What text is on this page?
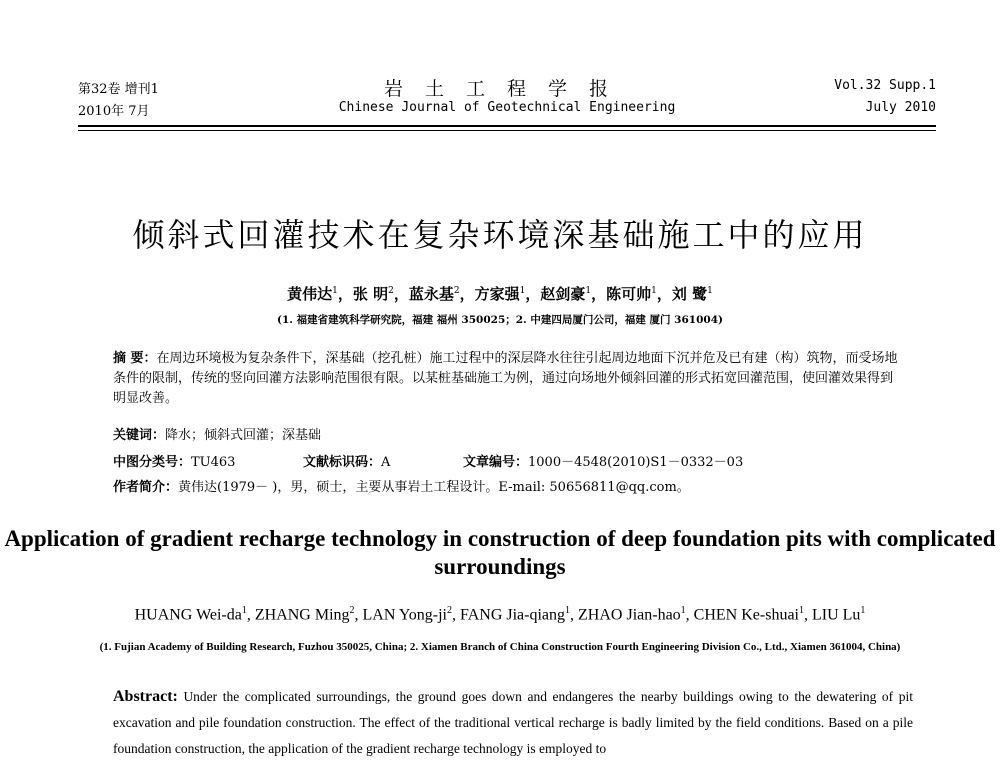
第32卷 增刊1	岩土工程学报	Vol.32 Supp.1
2010年 7月	Chinese Journal of Geotechnical Engineering	July 2010
倾斜式回灌技术在复杂环境深基础施工中的应用
黄伟达$^1$，张 明$^2$，蓝永基$^2$，方家强$^1$，赵剑豪$^1$，陈可帅$^1$，刘 鹭$^1$
(1. 福建省建筑科学研究院，福建 福州 350025；2. 中建四局厦门公司，福建 厦门 361004)
摘 要：在周边环境极为复杂条件下，深基础（挖孔桩）施工过程中的深层降水往往引起周边地面下沉并危及已有建（构）筑物，而受场地条件的限制，传统的竖向回灌方法影响范围很有限。以某桩基础施工为例，通过向场地外倾斜回灌的形式拓宽回灌范围，使回灌效果得到明显改善。
关键词：降水；倾斜式回灌；深基础
中图分类号：TU463	文献标识码：A	文章编号：1000－4548(2010)S1－0332－03
作者简介：黄伟达(1979－ )，男，硕士，主要从事岩土工程设计。E-mail: 50656811@qq.com。
Application of gradient recharge technology in construction of deep foundation pits with complicated surroundings
HUANG Wei-$da^1$, ZHANG Ming$^2$, LAN Yong-$ji^2$, FANG Jia-qiang$^1$, ZHAO Jian-hao$^1$, CHEN Ke-shuai$^1$, LIU Lu$^1$
(1. Fujian Academy of Building Research, Fuzhou 350025, China; 2. Xiamen Branch of China Construction Fourth Engineering Division Co., Ltd., Xiamen 361004, China)
Abstract: Under the complicated surroundings, the ground goes down and endangeres the nearby buildings owing to the dewatering of pit excavation and pile foundation construction. The effect of the traditional vertical recharge is badly limited by the field conditions. Based on a pile foundation construction, the application of the gradient recharge technology is employed to
